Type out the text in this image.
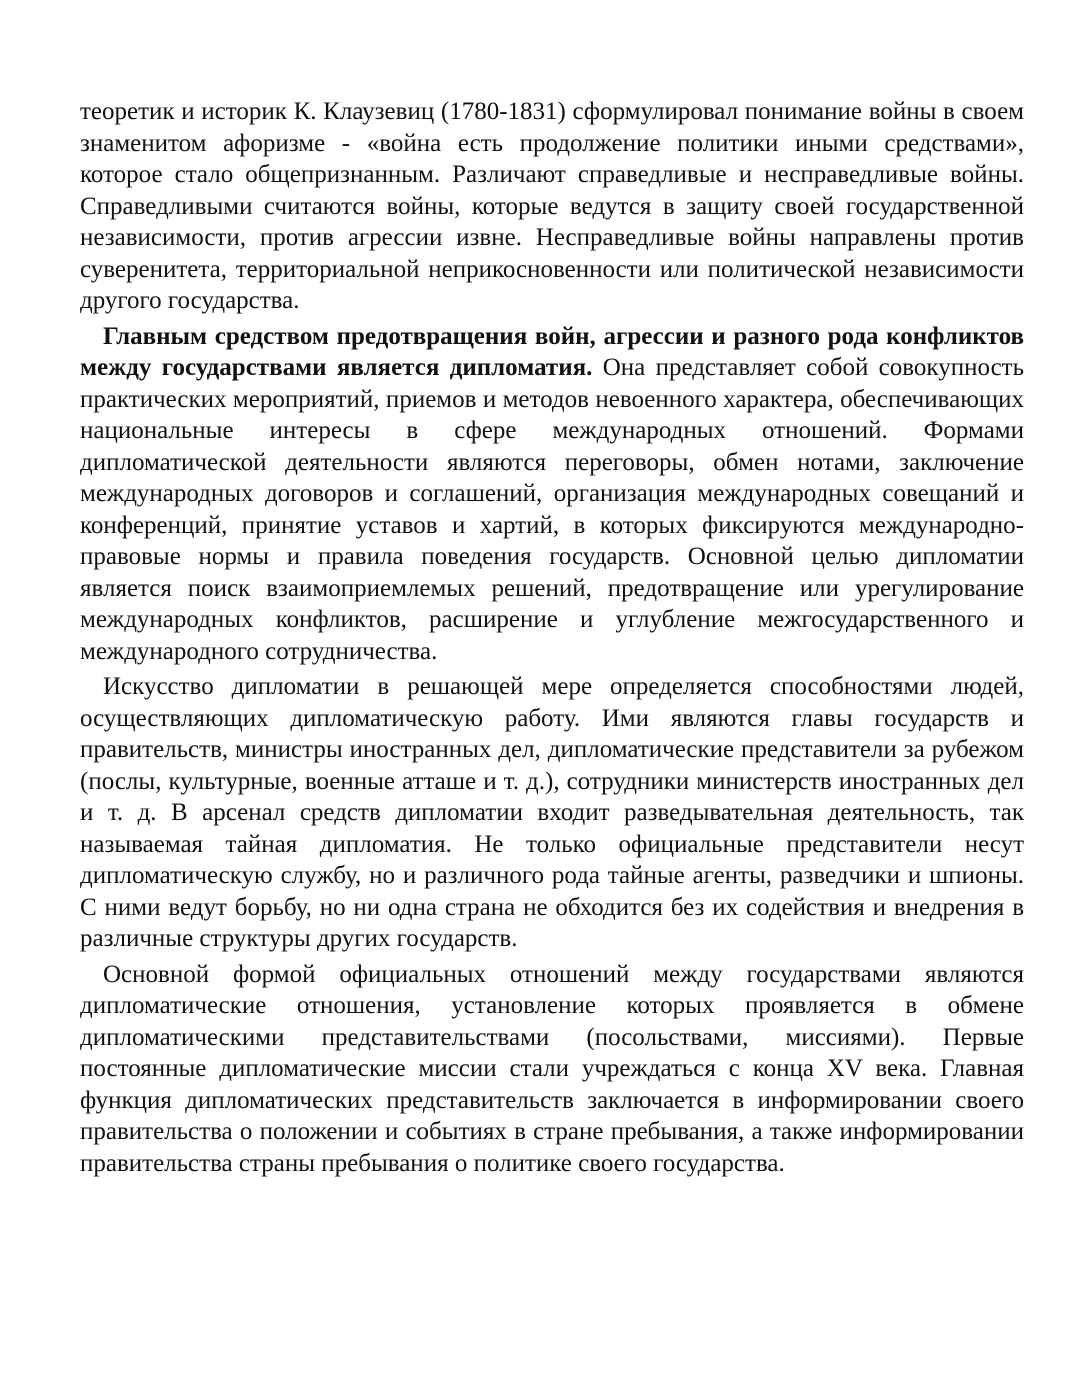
теоретик и историк К. Клаузевиц (1780-1831) сформулировал понимание войны в своем знаменитом афоризме - «война есть продолжение политики иными средствами», которое стало общепризнанным. Различают справедливые и несправедливые войны. Справедливыми считаются войны, которые ведутся в защиту своей государственной независимости, против агрессии извне. Несправедливые войны направлены против суверенитета, территориальной неприкосновенности или политической независимости другого государства.

Главным средством предотвращения войн, агрессии и разного рода конфликтов между государствами является дипломатия. Она представляет собой совокупность практических мероприятий, приемов и методов невоенного характера, обеспечивающих национальные интересы в сфере международных отношений. Формами дипломатической деятельности являются переговоры, обмен нотами, заключение международных договоров и соглашений, организация международных совещаний и конференций, принятие уставов и хартий, в которых фиксируются международно-правовые нормы и правила поведения государств. Основной целью дипломатии является поиск взаимоприемлемых решений, предотвращение или урегулирование международных конфликтов, расширение и углубление межгосударственного и международного сотрудничества.

Искусство дипломатии в решающей мере определяется способностями людей, осуществляющих дипломатическую работу. Ими являются главы государств и правительств, министры иностранных дел, дипломатические представители за рубежом (послы, культурные, военные атташе и т. д.), сотрудники министерств иностранных дел и т. д. В арсенал средств дипломатии входит разведывательная деятельность, так называемая тайная дипломатия. Не только официальные представители несут дипломатическую службу, но и различного рода тайные агенты, разведчики и шпионы. С ними ведут борьбу, но ни одна страна не обходится без их содействия и внедрения в различные структуры других государств.

Основной формой официальных отношений между государствами являются дипломатические отношения, установление которых проявляется в обмене дипломатическими представительствами (посольствами, миссиями). Первые постоянные дипломатические миссии стали учреждаться с конца XV века. Главная функция дипломатических представительств заключается в информировании своего правительства о положении и событиях в стране пребывания, а также информировании правительства страны пребывания о политике своего государства.
